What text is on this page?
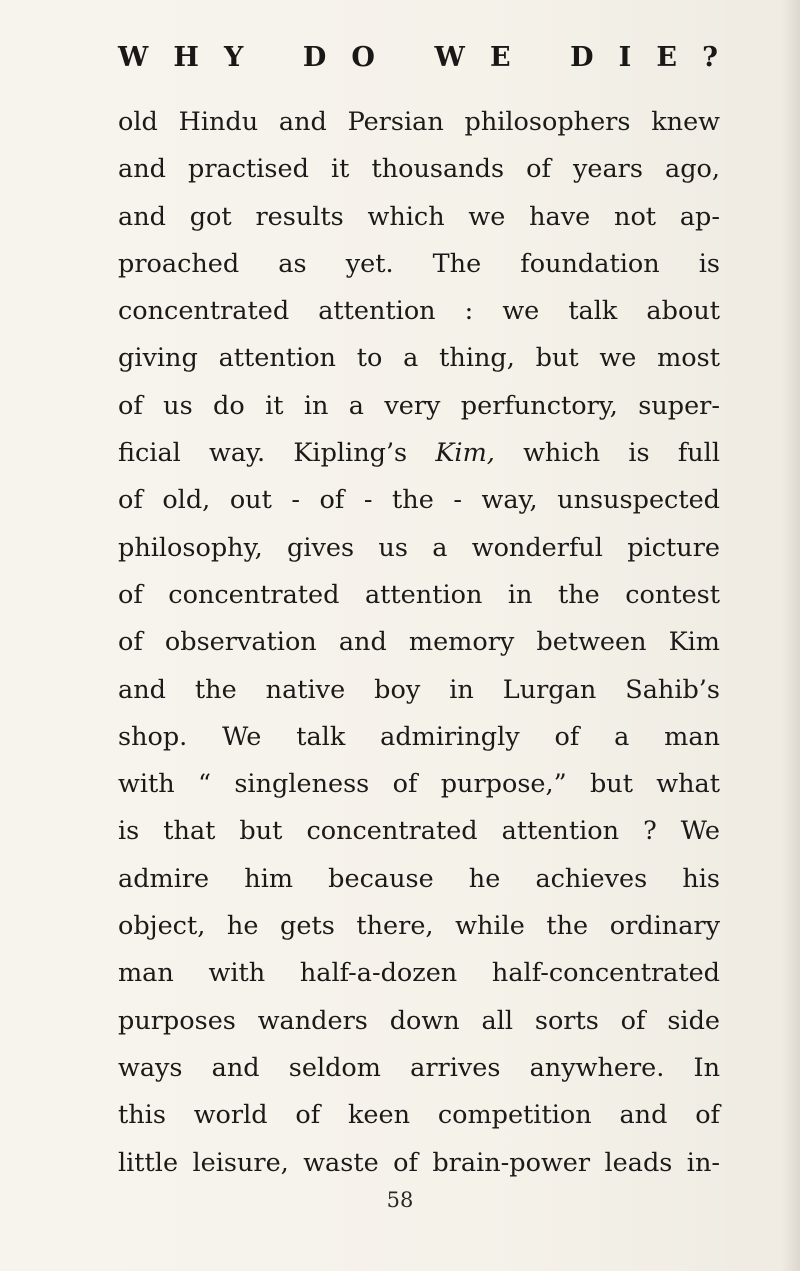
W H Y
D O
W E
D I E ?
old Hindu and Persian philosophers knew
and practised it thousands of years ago,
and got results which we have not ap-
proached as yet. The foundation is
concentrated attention : we talk about
giving attention to a thing, but we most
of us do it in a very perfunctory, super-
ficial way. Kipling’s Kim, which is full
of old, out - of - the - way, unsuspected
philosophy, gives us a wonderful picture
of concentrated attention in the contest
of observation and memory between Kim
and the native boy in Lurgan Sahib’s
shop. We talk admiringly of a man
with “ singleness of purpose,” but what
is that but concentrated attention ? We
admire him because he achieves his
object, he gets there, while the ordinary
man with half-a-dozen half-concentrated
purposes wanders down all sorts of side
ways and seldom arrives anywhere. In
this world of keen competition and of
little leisure, waste of brain-power leads in-
58
